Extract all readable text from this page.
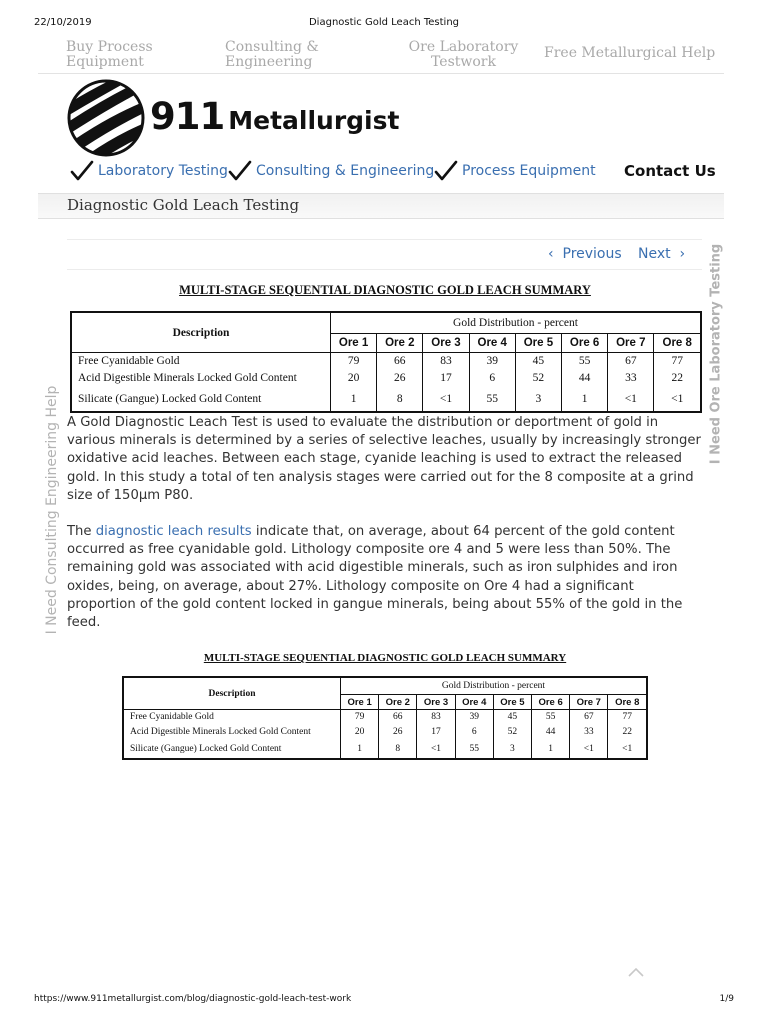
22/10/2019	Diagnostic Gold Leach Testing
Buy Process
Equipment
Consulting &
Engineering
Ore Laboratory
Testwork
Free Metallurgical Help
911 Metallurgist
Laboratory Testing Consulting & Engineering Process Equipment Contact Us
Diagnostic Gold Leach Testing
‹  Previous Next  ›
I Need Consulting Engineering Help
I Need Ore Laboratory Testing
MULTI-STAGE SEQUENTIAL DIAGNOSTIC GOLD LEACH SUMMARY
Description	Gold Distribution - percent							
	Ore 1	Ore 2	Ore 3	Ore 4	Ore 5	Ore 6	Ore 7	Ore 8
Free Cyanidable Gold	79	66	83	39	45	55	67	77
Acid Digestible Minerals Locked Gold Content	20	26	17	6	52	44	33	22
Silicate (Gangue) Locked Gold Content	1	8	<1	55	3	1	<1	<1
A Gold Diagnostic Leach Test is used to evaluate the distribution or deportment of gold in various minerals is determined by a series of selective leaches, usually by increasingly stronger oxidative acid leaches. Between each stage, cyanide leaching is used to extract the released gold. In this study a total of ten analysis stages were carried out for the 8 composite at a grind size of 150µm P80.
The diagnostic leach results indicate that, on average, about 64 percent of the gold content occurred as free cyanidable gold. Lithology composite ore 4 and 5 were less than 50%. The remaining gold was associated with acid digestible minerals, such as iron sulphides and iron oxides, being, on average, about 27%. Lithology composite on Ore 4 had a significant proportion of the gold content locked in gangue minerals, being about 55% of the gold in the feed.
MULTI-STAGE SEQUENTIAL DIAGNOSTIC GOLD LEACH SUMMARY
Description	Gold Distribution - percent							
	Ore 1	Ore 2	Ore 3	Ore 4	Ore 5	Ore 6	Ore 7	Ore 8
Free Cyanidable Gold	79	66	83	39	45	55	67	77
Acid Digestible Minerals Locked Gold Content	20	26	17	6	52	44	33	22
Silicate (Gangue) Locked Gold Content	1	8	<1	55	3	1	<1	<1
https://www.911metallurgist.com/blog/diagnostic-gold-leach-test-work	1/9
